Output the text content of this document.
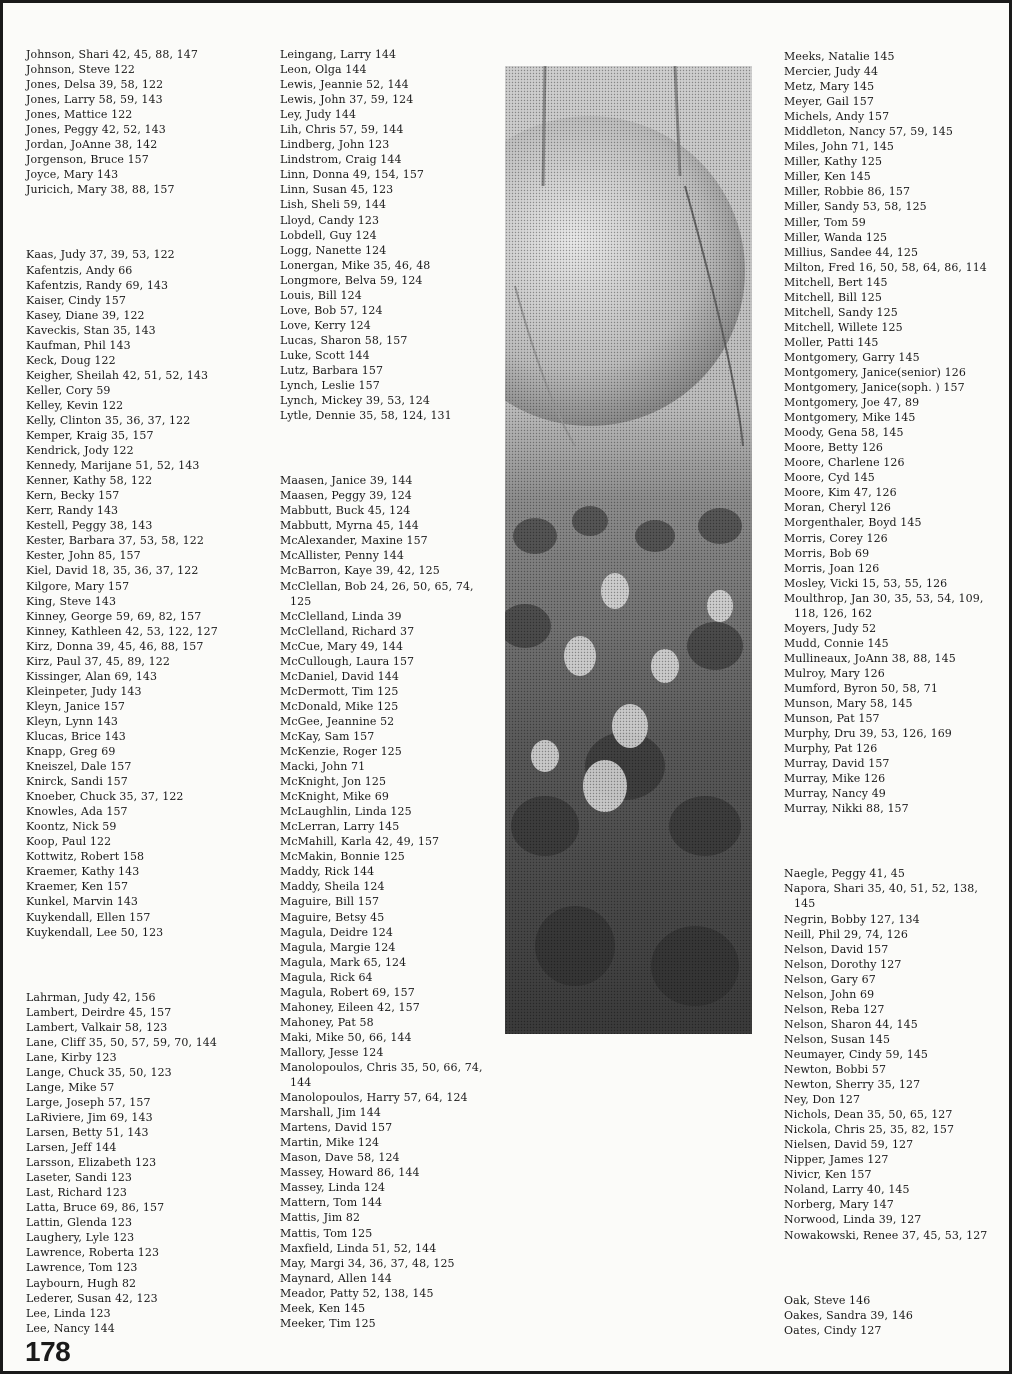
Johnson, Shari 42, 45, 88, 147
Johnson, Steve 122
Jones, Delsa 39, 58, 122
Jones, Larry 58, 59, 143
Jones, Mattice 122
Jones, Peggy 42, 52, 143
Jordan, JoAnne 38, 142
Jorgenson, Bruce 157
Joyce, Mary 143
Juricich, Mary 38, 88, 157
Kaas, Judy 37, 39, 53, 122
Kafentzis, Andy 66
Kafentzis, Randy 69, 143
Kaiser, Cindy 157
Kasey, Diane 39, 122
Kaveckis, Stan 35, 143
Kaufman, Phil 143
Keck, Doug 122
Keigher, Sheilah 42, 51, 52, 143
Keller, Cory 59
Kelley, Kevin 122
Kelly, Clinton 35, 36, 37, 122
Kemper, Kraig 35, 157
Kendrick, Jody 122
Kennedy, Marijane 51, 52, 143
Kenner, Kathy 58, 122
Kern, Becky 157
Kerr, Randy 143
Kestell, Peggy 38, 143
Kester, Barbara 37, 53, 58, 122
Kester, John 85, 157
Kiel, David 18, 35, 36, 37, 122
Kilgore, Mary 157
King, Steve 143
Kinney, George 59, 69, 82, 157
Kinney, Kathleen 42, 53, 122, 127
Kirz, Donna 39, 45, 46, 88, 157
Kirz, Paul 37, 45, 89, 122
Kissinger, Alan 69, 143
Kleinpeter, Judy 143
Kleyn, Janice 157
Kleyn, Lynn 143
Klucas, Brice 143
Knapp, Greg 69
Kneiszel, Dale 157
Knirck, Sandi 157
Knoeber, Chuck 35, 37, 122
Knowles, Ada 157
Koontz, Nick 59
Koop, Paul 122
Kottwitz, Robert 158
Kraemer, Kathy 143
Kraemer, Ken 157
Kunkel, Marvin 143
Kuykendall, Ellen 157
Kuykendall, Lee 50, 123
Lahrman, Judy 42, 156
Lambert, Deirdre 45, 157
Lambert, Valkair 58, 123
Lane, Cliff 35, 50, 57, 59, 70, 144
Lane, Kirby 123
Lange, Chuck 35, 50, 123
Lange, Mike 57
Large, Joseph 57, 157
LaRiviere, Jim 69, 143
Larsen, Betty 51, 143
Larsen, Jeff 144
Larsson, Elizabeth 123
Laseter, Sandi 123
Last, Richard 123
Latta, Bruce 69, 86, 157
Lattin, Glenda 123
Laughery, Lyle 123
Lawrence, Roberta 123
Lawrence, Tom 123
Laybourn, Hugh 82
Lederer, Susan 42, 123
Lee, Linda 123
Lee, Nancy 144
Leingang, Larry 144
Leon, Olga 144
Lewis, Jeannie 52, 144
Lewis, John 37, 59, 124
Ley, Judy 144
Lih, Chris 57, 59, 144
Lindberg, John 123
Lindstrom, Craig 144
Linn, Donna 49, 154, 157
Linn, Susan 45, 123
Lish, Sheli 59, 144
Lloyd, Candy 123
Lobdell, Guy 124
Logg, Nanette 124
Lonergan, Mike 35, 46, 48
Longmore, Belva 59, 124
Louis, Bill 124
Love, Bob 57, 124
Love, Kerry 124
Lucas, Sharon 58, 157
Luke, Scott 144
Lutz, Barbara 157
Lynch, Leslie 157
Lynch, Mickey 39, 53, 124
Lytle, Dennie 35, 58, 124, 131
Maasen, Janice 39, 144
Maasen, Peggy 39, 124
Mabbutt, Buck 45, 124
Mabbutt, Myrna 45, 144
McAlexander, Maxine 157
McAllister, Penny 144
McBarron, Kaye 39, 42, 125
McClellan, Bob 24, 26, 50, 65, 74,
125
McClelland, Linda 39
McClelland, Richard 37
McCue, Mary 49, 144
McCullough, Laura 157
McDaniel, David 144
McDermott, Tim 125
McDonald, Mike 125
McGee, Jeannine 52
McKay, Sam 157
McKenzie, Roger 125
Macki, John 71
McKnight, Jon 125
McKnight, Mike 69
McLaughlin, Linda 125
McLerran, Larry 145
McMahill, Karla 42, 49, 157
McMakin, Bonnie 125
Maddy, Rick 144
Maddy, Sheila 124
Maguire, Bill 157
Maguire, Betsy 45
Magula, Deidre 124
Magula, Margie 124
Magula, Mark 65, 124
Magula, Rick 64
Magula, Robert 69, 157
Mahoney, Eileen 42, 157
Mahoney, Pat 58
Maki, Mike 50, 66, 144
Mallory, Jesse 124
Manolopoulos, Chris 35, 50, 66, 74,
144
Manolopoulos, Harry 57, 64, 124
Marshall, Jim 144
Martens, David 157
Martin, Mike 124
Mason, Dave 58, 124
Massey, Howard 86, 144
Massey, Linda 124
Mattern, Tom 144
Mattis, Jim 82
Mattis, Tom 125
Maxfield, Linda 51, 52, 144
May, Margi 34, 36, 37, 48, 125
Maynard, Allen 144
Meador, Patty 52, 138, 145
Meek, Ken 145
Meeker, Tim 125
Meeks, Natalie 145
Mercier, Judy 44
Metz, Mary 145
Meyer, Gail 157
Michels, Andy 157
Middleton, Nancy 57, 59, 145
Miles, John 71, 145
Miller, Kathy 125
Miller, Ken 145
Miller, Robbie 86, 157
Miller, Sandy 53, 58, 125
Miller, Tom 59
Miller, Wanda 125
Millius, Sandee 44, 125
Milton, Fred 16, 50, 58, 64, 86, 114
Mitchell, Bert 145
Mitchell, Bill 125
Mitchell, Sandy 125
Mitchell, Willete 125
Moller, Patti 145
Montgomery, Garry 145
Montgomery, Janice(senior) 126
Montgomery, Janice(soph. ) 157
Montgomery, Joe 47, 89
Montgomery, Mike 145
Moody, Gena 58, 145
Moore, Betty 126
Moore, Charlene 126
Moore, Cyd 145
Moore, Kim 47, 126
Moran, Cheryl 126
Morgenthaler, Boyd 145
Morris, Corey 126
Morris, Bob 69
Morris, Joan 126
Mosley, Vicki 15, 53, 55, 126
Moulthrop, Jan 30, 35, 53, 54, 109,
118, 126, 162
Moyers, Judy 52
Mudd, Connie 145
Mullineaux, JoAnn 38, 88, 145
Mulroy, Mary 126
Mumford, Byron 50, 58, 71
Munson, Mary 58, 145
Munson, Pat 157
Murphy, Dru 39, 53, 126, 169
Murphy, Pat 126
Murray, David 157
Murray, Mike 126
Murray, Nancy 49
Murray, Nikki 88, 157
Naegle, Peggy 41, 45
Napora, Shari 35, 40, 51, 52, 138,
145
Negrin, Bobby 127, 134
Neill, Phil 29, 74, 126
Nelson, David 157
Nelson, Dorothy 127
Nelson, Gary 67
Nelson, John 69
Nelson, Reba 127
Nelson, Sharon 44, 145
Nelson, Susan 145
Neumayer, Cindy 59, 145
Newton, Bobbi 57
Newton, Sherry 35, 127
Ney, Don 127
Nichols, Dean 35, 50, 65, 127
Nickola, Chris 25, 35, 82, 157
Nielsen, David 59, 127
Nipper, James 127
Nivicr, Ken 157
Noland, Larry 40, 145
Norberg, Mary 147
Norwood, Linda 39, 127
Nowakowski, Renee 37, 45, 53, 127
Oak, Steve 146
Oakes, Sandra 39, 146
Oates, Cindy 127
178
